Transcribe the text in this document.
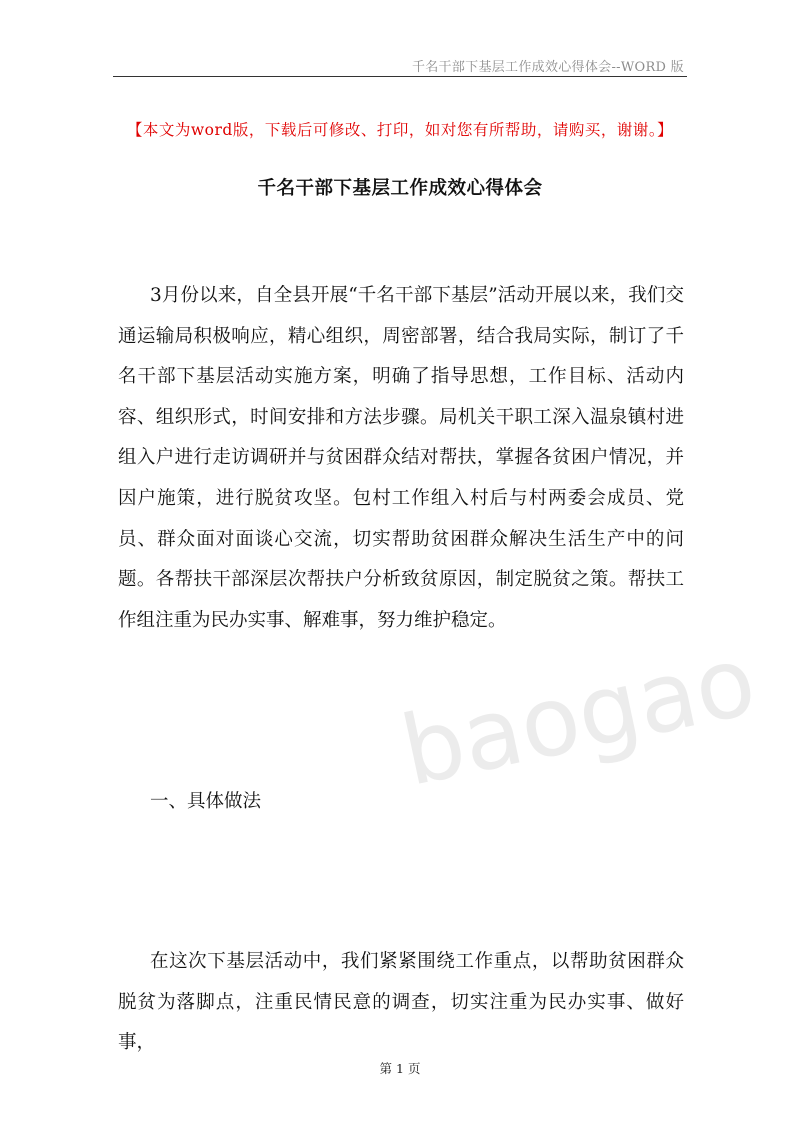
baogao
千名干部下基层工作成效心得体会--WORD 版
【本文为word版，下载后可修改、打印，如对您有所帮助，请购买，谢谢。】
千名干部下基层工作成效心得体会

3月份以来，自全县开展“千名干部下基层”活动开展以来，我们交通运输局积极响应，精心组织，周密部署，结合我局实际，制订了千名干部下基层活动实施方案，明确了指导思想，工作目标、活动内容、组织形式，时间安排和方法步骤。局机关干职工深入温泉镇村进组入户进行走访调研并与贫困群众结对帮扶，掌握各贫困户情况，并因户施策，进行脱贫攻坚。包村工作组入村后与村两委会成员、党员、群众面对面谈心交流，切实帮助贫困群众解决生活生产中的问题。各帮扶干部深层次帮扶户分析致贫原因，制定脱贫之策。帮扶工作组注重为民办实事、解难事，努力维护稳定。

一、具体做法

在这次下基层活动中，我们紧紧围绕工作重点，以帮助贫困群众脱贫为落脚点，注重民情民意的调查，切实注重为民办实事、做好事，

第 1 页
